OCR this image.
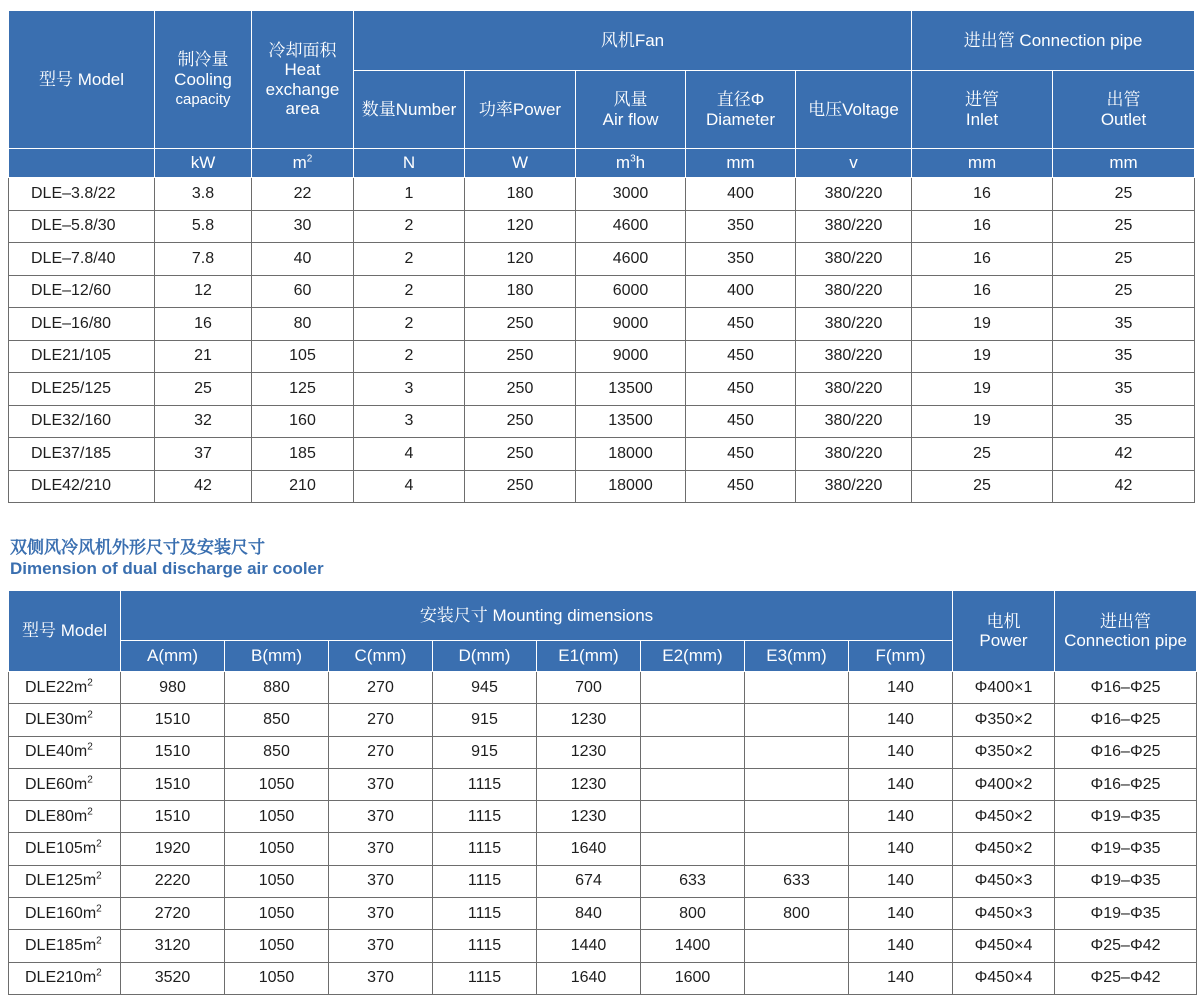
型号 Model	制冷量
Cooling
capacity	冷却面积
Heat
exchange
area	风机Fan					进出管 Connection pipe	
			数量Number	功率Power	风量
Air flow	直径Φ
Diameter	电压Voltage	进管
Inlet	出管
Outlet
	kW	$m^2$	N	W	$m^3h$	mm	v	mm	mm
DLE–3.8/22	3.8	22	1	180	3000	400	380/220	16	25
DLE–5.8/30	5.8	30	2	120	4600	350	380/220	16	25
DLE–7.8/40	7.8	40	2	120	4600	350	380/220	16	25
DLE–12/60	12	60	2	180	6000	400	380/220	16	25
DLE–16/80	16	80	2	250	9000	450	380/220	19	35
DLE21/105	21	105	2	250	9000	450	380/220	19	35
DLE25/125	25	125	3	250	13500	450	380/220	19	35
DLE32/160	32	160	3	250	13500	450	380/220	19	35
DLE37/185	37	185	4	250	18000	450	380/220	25	42
DLE42/210	42	210	4	250	18000	450	380/220	25	42
双侧风冷风机外形尺寸及安装尺寸
Dimension of dual discharge air cooler
型号 Model	安装尺寸 Mounting dimensions								电机
Power	进出管
Connection pipe
	A(mm)	B(mm)	C(mm)	D(mm)	E1(mm)	E2(mm)	E3(mm)	F(mm)		
$DLE22m^2$	980	880	270	945	700			140	Φ400×1	Φ16–Φ25
$DLE30m^2$	1510	850	270	915	1230			140	Φ350×2	Φ16–Φ25
$DLE40m^2$	1510	850	270	915	1230			140	Φ350×2	Φ16–Φ25
$DLE60m^2$	1510	1050	370	1115	1230			140	Φ400×2	Φ16–Φ25
$DLE80m^2$	1510	1050	370	1115	1230			140	Φ450×2	Φ19–Φ35
$DLE105m^2$	1920	1050	370	1115	1640			140	Φ450×2	Φ19–Φ35
$DLE125m^2$	2220	1050	370	1115	674	633	633	140	Φ450×3	Φ19–Φ35
$DLE160m^2$	2720	1050	370	1115	840	800	800	140	Φ450×3	Φ19–Φ35
$DLE185m^2$	3120	1050	370	1115	1440	1400		140	Φ450×4	Φ25–Φ42
$DLE210m^2$	3520	1050	370	1115	1640	1600		140	Φ450×4	Φ25–Φ42
